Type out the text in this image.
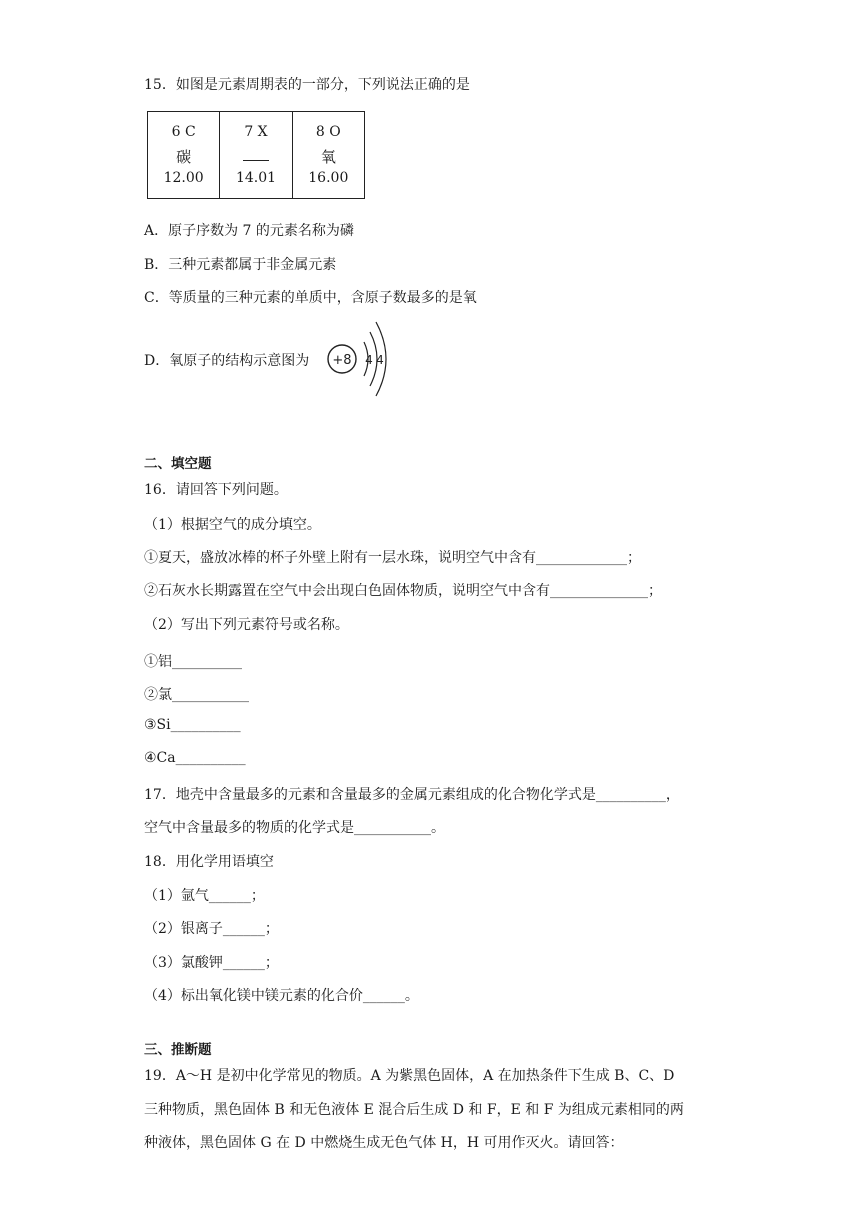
15．如图是元素周期表的一部分，下列说法正确的是
6 C
碳
12.00
7 X
14.01
8 O
氧
16.00
A．原子序数为 7 的元素名称为磷
B．三种元素都属于非金属元素
C．等质量的三种元素的单质中，含原子数最多的是氧
D．氧原子的结构示意图为 +8 4 4
二、填空题
16．请回答下列问题。
（1）根据空气的成分填空。
①夏天，盛放冰棒的杯子外壁上附有一层水珠，说明空气中含有_____________；
②石灰水长期露置在空气中会出现白色固体物质，说明空气中含有______________；
（2）写出下列元素符号或名称。
①铝__________
②氯___________
③Si__________
④Ca__________
17．地壳中含量最多的元素和含量最多的金属元素组成的化合物化学式是__________，
空气中含量最多的物质的化学式是___________。
18．用化学用语填空
（1）氩气______；
（2）银离子______；
（3）氯酸钾______；
（4）标出氧化镁中镁元素的化合价______。
三、推断题
19．A～H 是初中化学常见的物质。A 为紫黑色固体，A 在加热条件下生成 B、C、D
三种物质，黑色固体 B 和无色液体 E 混合后生成 D 和 F，E 和 F 为组成元素相同的两
种液体，黑色固体 G 在 D 中燃烧生成无色气体 H，H 可用作灭火。请回答：
